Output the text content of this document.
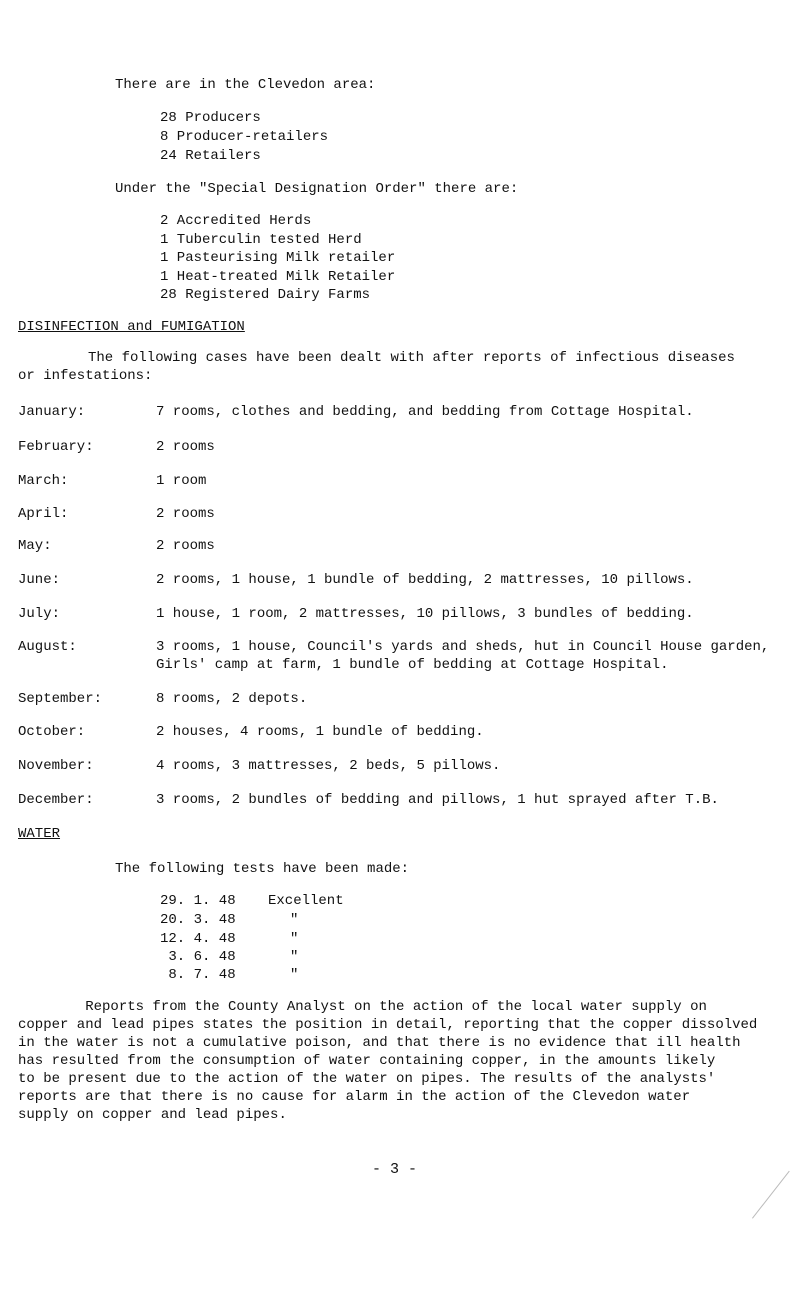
There are in the Clevedon area:
28 Producers
8 Producer-retailers
24 Retailers
Under the "Special Designation Order" there are:
2 Accredited Herds
1 Tuberculin tested Herd
1 Pasteurising Milk retailer
1 Heat-treated Milk Retailer
28 Registered Dairy Farms
DISINFECTION and FUMIGATION
The following cases have been dealt with after reports of infectious diseases
or infestations:
January:	7 rooms, clothes and bedding, and bedding from Cottage Hospital.
February:	2 rooms
March:	1 room
April:	2 rooms
May:	2 rooms
June:	2 rooms, 1 house, 1 bundle of bedding, 2 mattresses, 10 pillows.
July:	1 house, 1 room, 2 mattresses, 10 pillows, 3 bundles of bedding.
August:	3 rooms, 1 house, Council's yards and sheds, hut in Council House garden,
Girls' camp at farm, 1 bundle of bedding at Cottage Hospital.
September:	8 rooms, 2 depots.
October:	2 houses, 4 rooms, 1 bundle of bedding.
November:	4 rooms, 3 mattresses, 2 beds, 5 pillows.
December:	3 rooms, 2 bundles of bedding and pillows, 1 hut sprayed after T.B.
WATER
The following tests have been made:
29. 1. 48 Excellent
20. 3. 48	"
12. 4. 48	"
3. 6. 48	"
8. 7. 48	"
Reports from the County Analyst on the action of the local water supply on
copper and lead pipes states the position in detail, reporting that the copper dissolved
in the water is not a cumulative poison, and that there is no evidence that ill health
has resulted from the consumption of water containing copper, in the amounts likely
to be present due to the action of the water on pipes. The results of the analysts'
reports are that there is no cause for alarm in the action of the Clevedon water
supply on copper and lead pipes.
- 3 -
